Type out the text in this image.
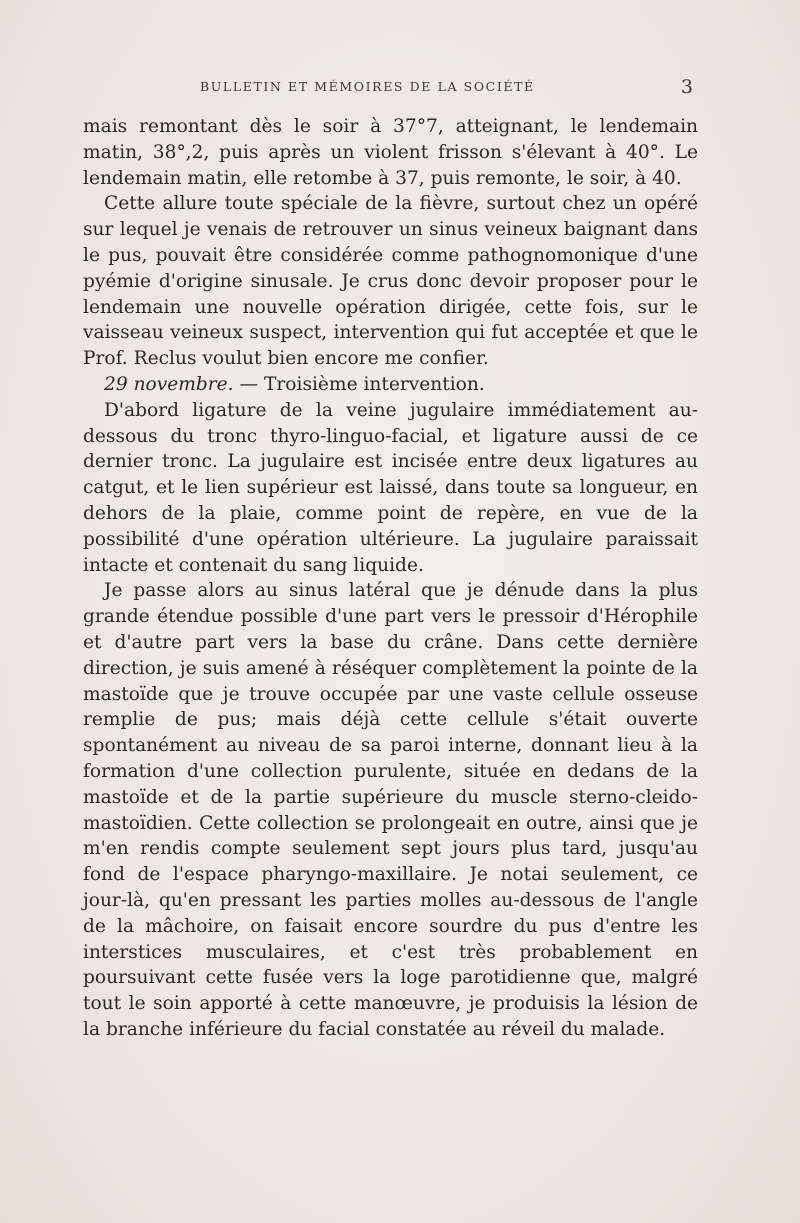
BULLETIN ET MÉMOIRES DE LA SOCIÉTÉ	3

mais remontant dès le soir à 37°7, atteignant, le lendemain matin, 38°,2, puis après un violent frisson s'élevant à 40°. Le lendemain matin, elle retombe à 37, puis remonte, le soir, à 40.

Cette allure toute spéciale de la fièvre, surtout chez un opéré sur lequel je venais de retrouver un sinus veineux baignant dans le pus, pouvait être considérée comme pathognomonique d'une pyémie d'origine sinusale. Je crus donc devoir proposer pour le lendemain une nouvelle opération dirigée, cette fois, sur le vaisseau veineux suspect, intervention qui fut acceptée et que le Prof. Reclus voulut bien encore me confier.

29 novembre. — Troisième intervention.

D'abord ligature de la veine jugulaire immédiatement au-dessous du tronc thyro-linguo-facial, et ligature aussi de ce dernier tronc. La jugulaire est incisée entre deux ligatures au catgut, et le lien supérieur est laissé, dans toute sa longueur, en dehors de la plaie, comme point de repère, en vue de la possibilité d'une opération ultérieure. La jugulaire paraissait intacte et contenait du sang liquide.

Je passe alors au sinus latéral que je dénude dans la plus grande étendue possible d'une part vers le pressoir d'Hérophile et d'autre part vers la base du crâne. Dans cette dernière direction, je suis amené à réséquer complètement la pointe de la mastoïde que je trouve occupée par une vaste cellule osseuse remplie de pus; mais déjà cette cellule s'était ouverte spontanément au niveau de sa paroi interne, donnant lieu à la formation d'une collection purulente, située en dedans de la mastoïde et de la partie supérieure du muscle sterno-cleido-mastoïdien. Cette collection se prolongeait en outre, ainsi que je m'en rendis compte seulement sept jours plus tard, jusqu'au fond de l'espace pharyngo-maxillaire. Je notai seulement, ce jour-là, qu'en pressant les parties molles au-dessous de l'angle de la mâchoire, on faisait encore sourdre du pus d'entre les interstices musculaires, et c'est très probablement en poursuivant cette fusée vers la loge parotidienne que, malgré tout le soin apporté à cette manœuvre, je produisis la lésion de la branche inférieure du facial constatée au réveil du malade.
